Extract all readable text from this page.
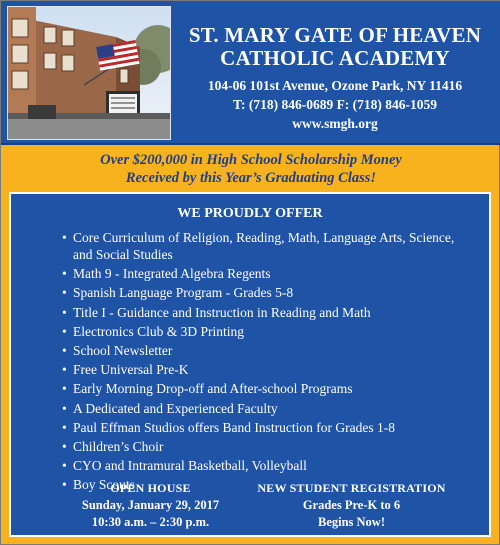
ST. MARY GATE OF HEAVEN
CATHOLIC ACADEMY
104-06 101st Avenue, Ozone Park, NY 11416
T: (718) 846-0689 F: (718) 846-1059
www.smgh.org
Over $200,000 in High School Scholarship Money
Received by this Year’s Graduating Class!
WE PROUDLY OFFER
• Core Curriculum of Religion, Reading, Math, Language Arts, Science, and Social Studies
• Math 9 - Integrated Algebra Regents
• Spanish Language Program - Grades 5-8
• Title I - Guidance and Instruction in Reading and Math
• Electronics Club & 3D Printing
• School Newsletter
• Free Universal Pre-K
• Early Morning Drop-off and After-school Programs
• A Dedicated and Experienced Faculty
• Paul Effman Studios offers Band Instruction for Grades 1-8
• Children’s Choir
• CYO and Intramural Basketball, Volleyball
• Boy Scouts
OPEN HOUSE
Sunday, January 29, 2017
10:30 a.m. – 2:30 p.m.
NEW STUDENT REGISTRATION
Grades Pre-K to 6
Begins Now!
